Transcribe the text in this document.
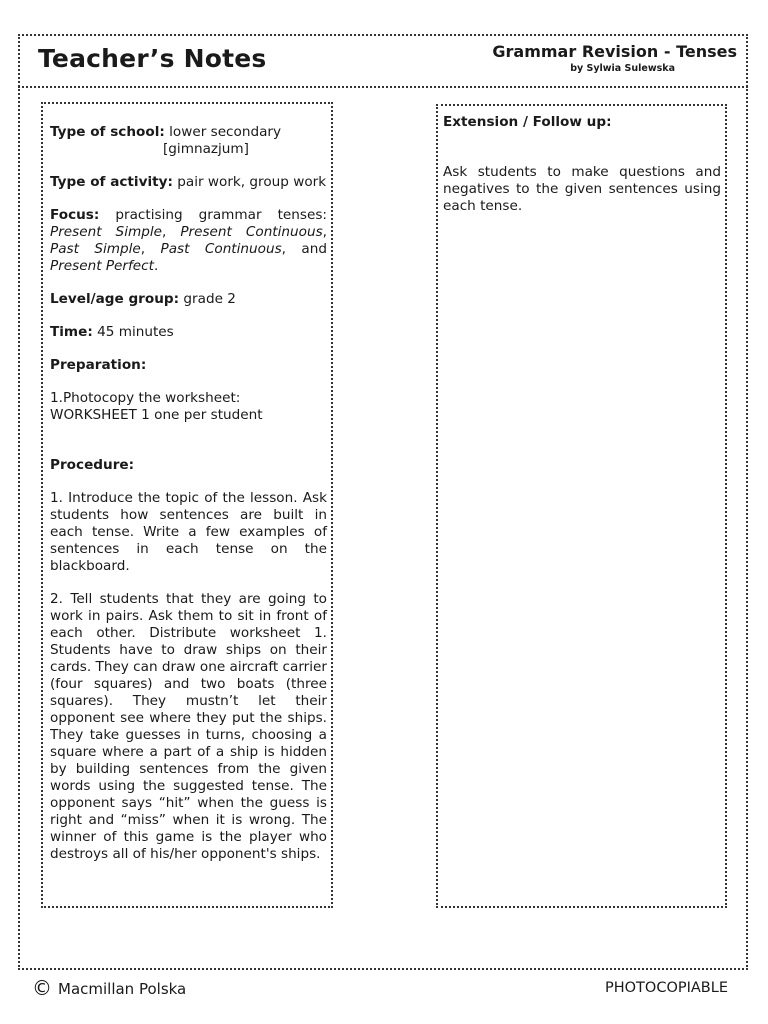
Teacher’s Notes	Grammar Revision - Tenses
by Sylwia Sulewska
Type of school: lower secondary
[gimnazjum]
Type of activity: pair work, group work
Focus: practising grammar tenses: Present Simple, Present Continuous, Past Simple, Past Continuous, and Present Perfect.
Level/age group: grade 2
Time: 45 minutes
Preparation:
1.Photocopy the worksheet:
WORKSHEET 1 one per student
Procedure:
1. Introduce the topic of the lesson. Ask students how sentences are built in each tense. Write a few examples of sentences in each tense on the blackboard.
2. Tell students that they are going to work in pairs. Ask them to sit in front of each other. Distribute worksheet 1. Students have to draw ships on their cards. They can draw one aircraft carrier (four squares) and two boats (three squares). They mustn’t let their opponent see where they put the ships. They take guesses in turns, choosing a square where a part of a ship is hidden by building sentences from the given words using the suggested tense. The opponent says “hit” when the guess is right and “miss” when it is wrong. The winner of this game is the player who destroys all of his/her opponent's ships.
Extension / Follow up:
Ask students to make questions and negatives to the given sentences using each tense.
© Macmillan Polska	PHOTOCOPIABLE
